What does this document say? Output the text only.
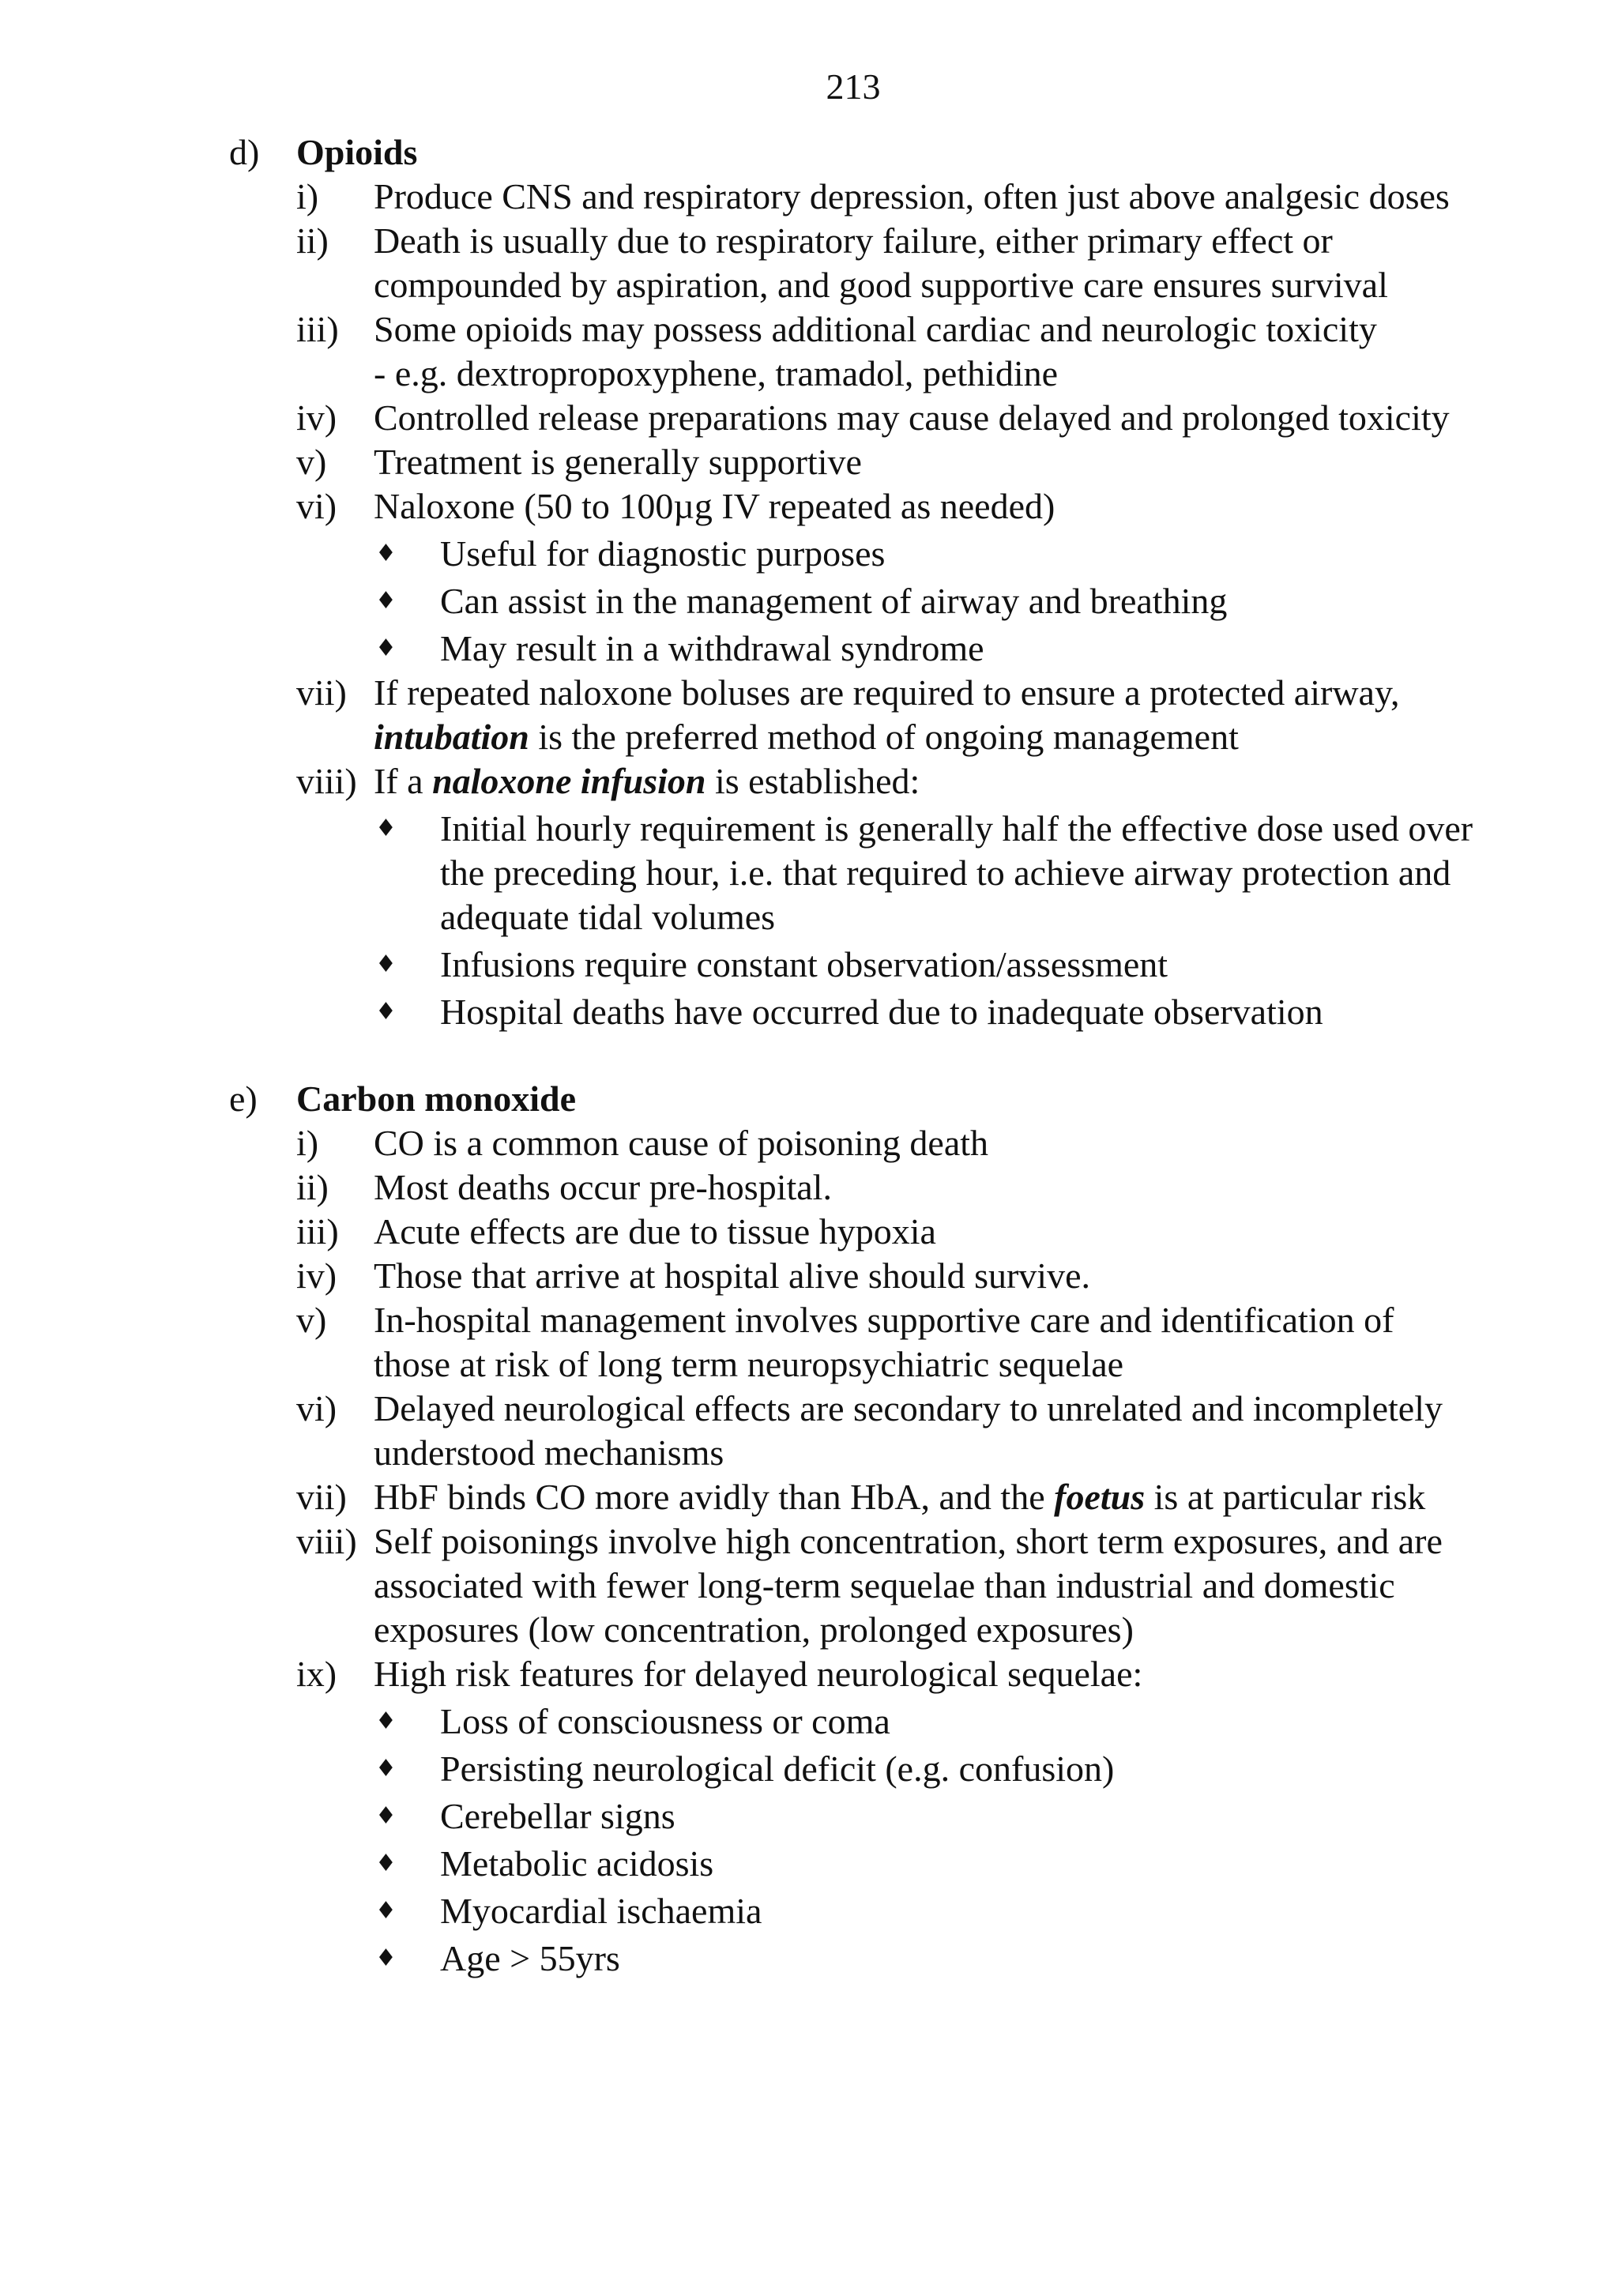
213
d)	Opioids
i)	Produce CNS and respiratory depression, often just above analgesic doses
ii)	Death is usually due to respiratory failure, either primary effect or
compounded by aspiration, and good supportive care ensures survival
iii) Some opioids may possess additional cardiac and neurologic toxicity
- e.g. dextropropoxyphene, tramadol, pethidine
iv)	Controlled release preparations may cause delayed and prolonged toxicity
v)	Treatment is generally supportive
vi)	Naloxone (50 to 100µg IV repeated as needed)
♦	Useful for diagnostic purposes
♦	Can assist in the management of airway and breathing
♦	May result in a withdrawal syndrome
vii) If repeated naloxone boluses are required to ensure a protected airway,
intubation is the preferred method of ongoing management
viii) If a naloxone infusion is established:
♦	Initial hourly requirement is generally half the effective dose used over
the preceding hour, i.e. that required to achieve airway protection and
adequate tidal volumes
♦	Infusions require constant observation/assessment
♦	Hospital deaths have occurred due to inadequate observation
e)	Carbon monoxide
i)	CO is a common cause of poisoning death
ii)	Most deaths occur pre-hospital.
iii) Acute effects are due to tissue hypoxia
iv)	Those that arrive at hospital alive should survive.
v)	In-hospital management involves supportive care and identification of
those at risk of long term neuropsychiatric sequelae
vi)	Delayed neurological effects are secondary to unrelated and incompletely
understood mechanisms
vii) HbF binds CO more avidly than HbA, and the foetus is at particular risk
viii) Self poisonings involve high concentration, short term exposures, and are
associated with fewer long-term sequelae than industrial and domestic
exposures (low concentration, prolonged exposures)
ix)	High risk features for delayed neurological sequelae:
♦	Loss of consciousness or coma
♦	Persisting neurological deficit (e.g. confusion)
♦	Cerebellar signs
♦	Metabolic acidosis
♦	Myocardial ischaemia
♦	Age > 55yrs
